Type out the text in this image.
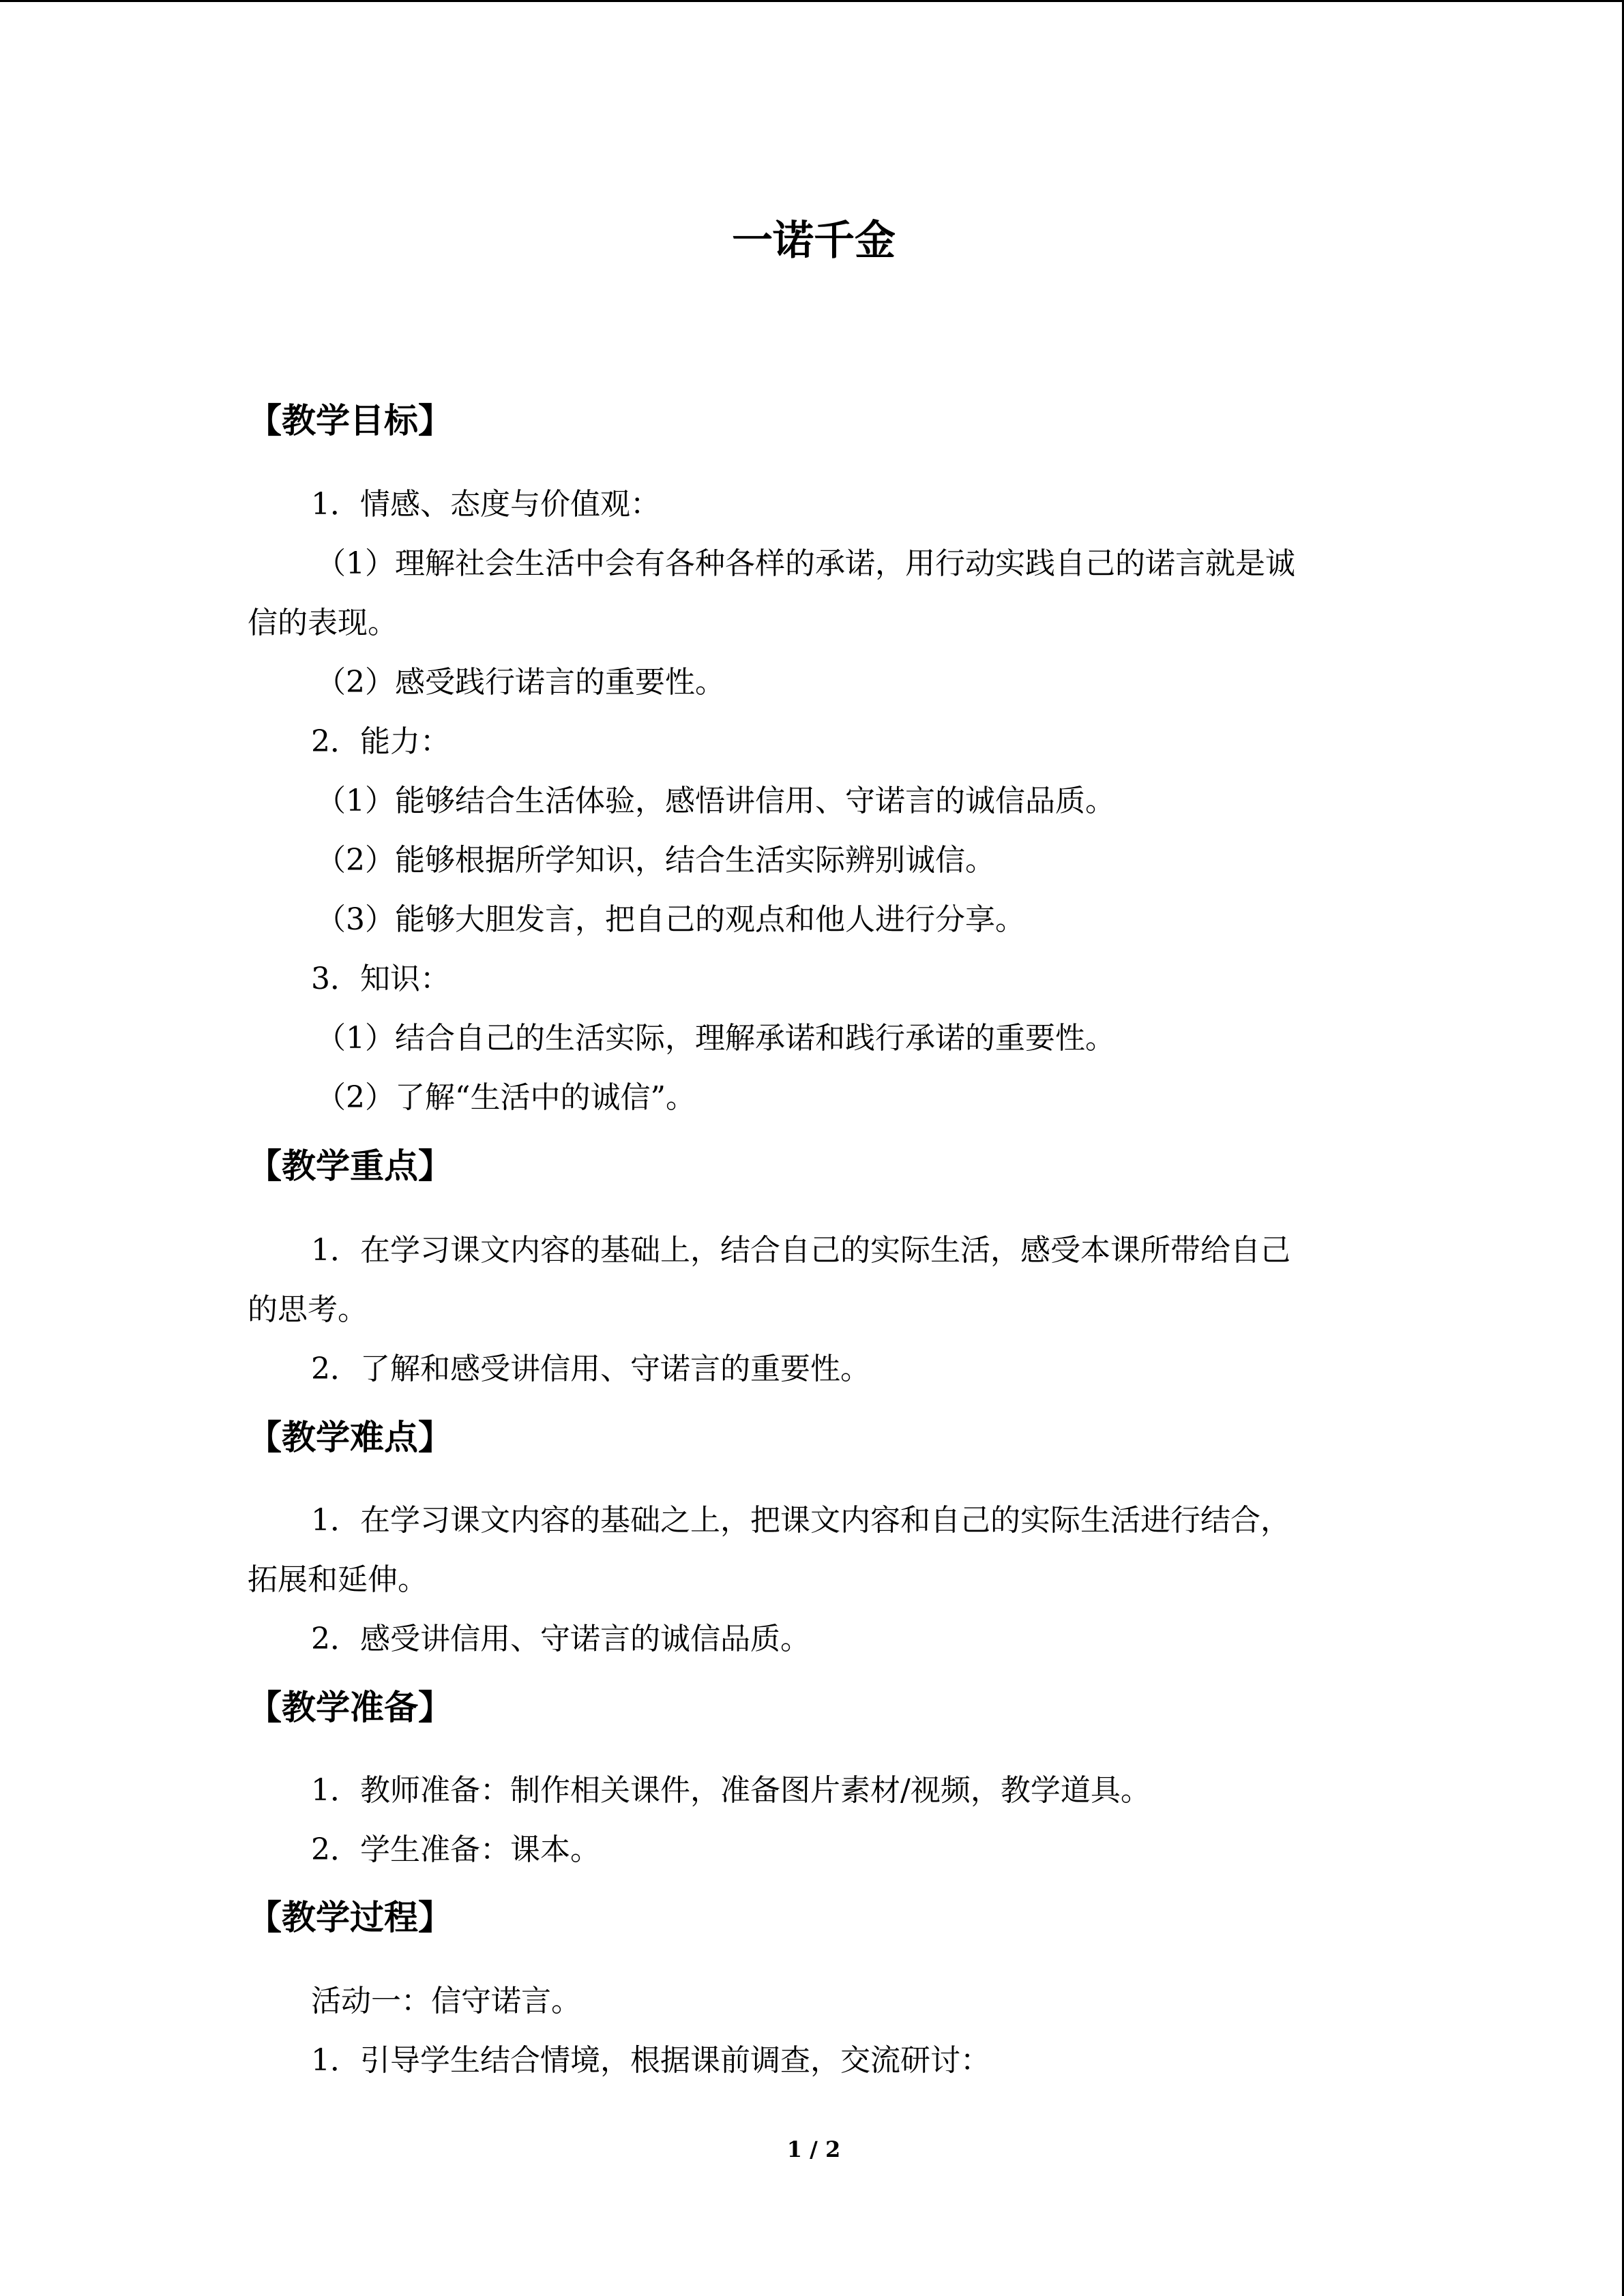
一诺千金
【教学目标】
1．情感、态度与价值观：
（1）理解社会生活中会有各种各样的承诺，用行动实践自己的诺言就是诚
信的表现。
（2）感受践行诺言的重要性。
2．能力：
（1）能够结合生活体验，感悟讲信用、守诺言的诚信品质。
（2）能够根据所学知识，结合生活实际辨别诚信。
（3）能够大胆发言，把自己的观点和他人进行分享。
3．知识：
（1）结合自己的生活实际，理解承诺和践行承诺的重要性。
（2）了解“生活中的诚信”。
【教学重点】
1．在学习课文内容的基础上，结合自己的实际生活，感受本课所带给自己
的思考。
2．了解和感受讲信用、守诺言的重要性。
【教学难点】
1．在学习课文内容的基础之上，把课文内容和自己的实际生活进行结合，
拓展和延伸。
2．感受讲信用、守诺言的诚信品质。
【教学准备】
1．教师准备：制作相关课件，准备图片素材/视频，教学道具。
2．学生准备：课本。
【教学过程】
活动一：信守诺言。
1．引导学生结合情境，根据课前调查，交流研讨：
1 / 2
